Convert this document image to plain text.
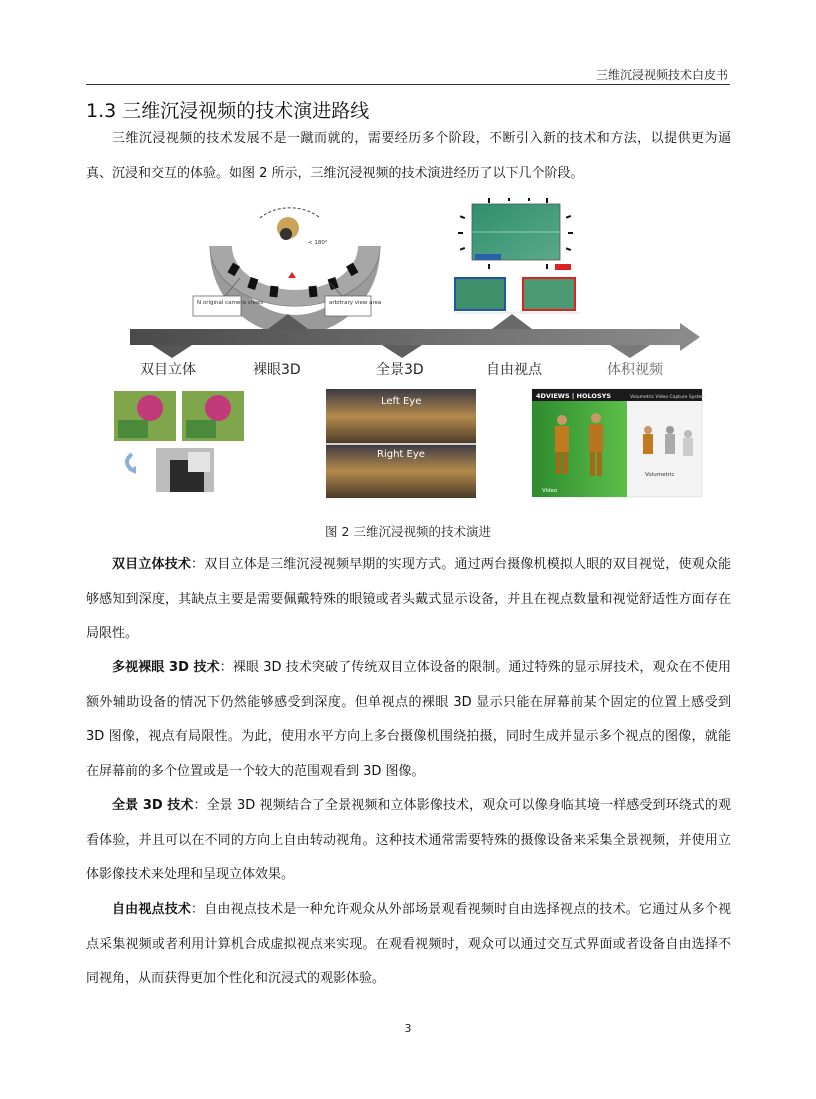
三维沉浸视频技术白皮书
1.3 三维沉浸视频的技术演进路线

三维沉浸视频的技术发展不是一蹴而就的，需要经历多个阶段，不断引入新的技术和方法，以提供更为逼真、沉浸和交互的体验。如图 2 所示，三维沉浸视频的技术演进经历了以下几个阶段。

< 180°
N original camera views	arbitrary view area
双目立体	裸眼3D	全景3D	自由视点	体积视频
Left Eye
Right Eye
4DVIEWS | HOLOSYS	Volumetric Video Capture System
Video
Volumetric
图 2 三维沉浸视频的技术演进

双目立体技术：双目立体是三维沉浸视频早期的实现方式。通过两台摄像机模拟人眼的双目视觉，使观众能够感知到深度，其缺点主要是需要佩戴特殊的眼镜或者头戴式显示设备，并且在视点数量和视觉舒适性方面存在局限性。

多视裸眼 3D 技术：裸眼 3D 技术突破了传统双目立体设备的限制。通过特殊的显示屏技术，观众在不使用额外辅助设备的情况下仍然能够感受到深度。但单视点的裸眼 3D 显示只能在屏幕前某个固定的位置上感受到 3D 图像，视点有局限性。为此，使用水平方向上多台摄像机围绕拍摄，同时生成并显示多个视点的图像，就能在屏幕前的多个位置或是一个较大的范围观看到 3D 图像。

全景 3D 技术：全景 3D 视频结合了全景视频和立体影像技术，观众可以像身临其境一样感受到环绕式的观看体验，并且可以在不同的方向上自由转动视角。这种技术通常需要特殊的摄像设备来采集全景视频，并使用立体影像技术来处理和呈现立体效果。

自由视点技术：自由视点技术是一种允许观众从外部场景观看视频时自由选择视点的技术。它通过从多个视点采集视频或者利用计算机合成虚拟视点来实现。在观看视频时，观众可以通过交互式界面或者设备自由选择不同视角，从而获得更加个性化和沉浸式的观影体验。

3
